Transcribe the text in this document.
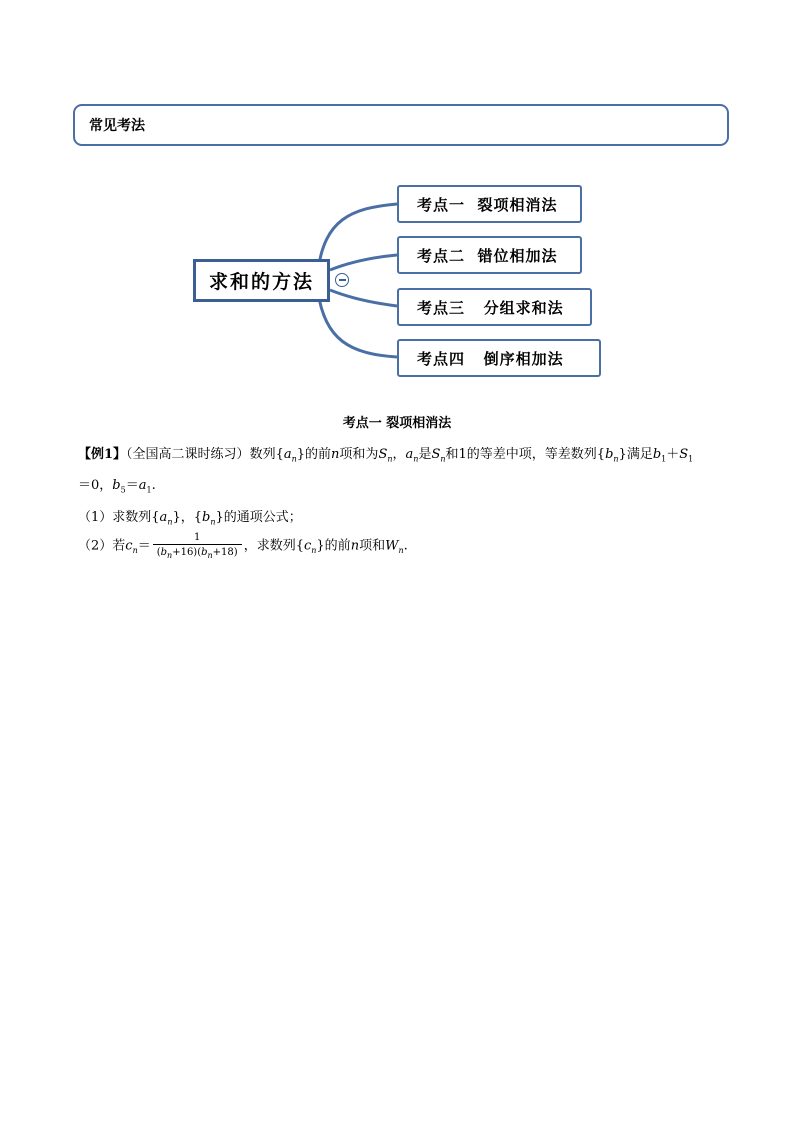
常见考法
考点一  裂项相消法
考点二  错位相加法
考点三   分组求和法
考点四   倒序相加法
求和的方法
考点一 裂项相消法
【例1】（全国高二课时练习）数列$\{a_n\}$的前n项和为$S_n$，$a_n$是$S_n$和1的等差中项，等差数列$\{b_n\}$满足$b_1+S_1$
＝0，$b_5=a_1$.
（1）求数列$\{a_n\}$，$\{b_n\}$的通项公式；
（2）若$c_n= \frac{1}{(b_n+16)(b_n+18)}$ ，求数列$\{c_n\}$的前n项和$W_n$.
